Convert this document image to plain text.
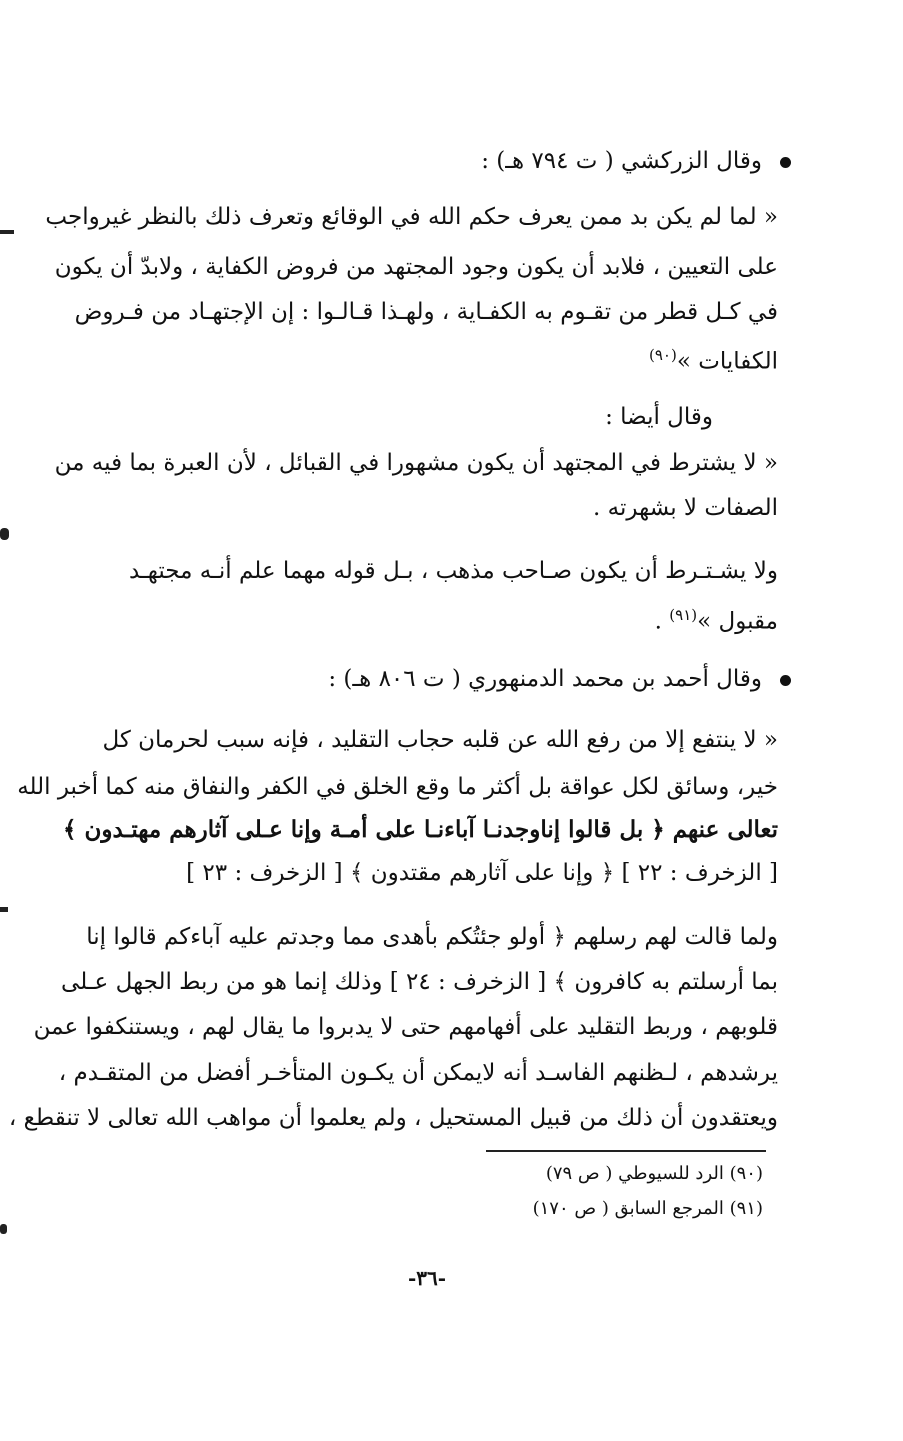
وقال الزركشي ( ت ٧٩٤ هـ) :
« لما لم يكن بد ممن يعرف حكم الله في الوقائع وتعرف ذلك بالنظر غيرواجب
على التعيين ، فلابد أن يكون وجود المجتهد من فروض الكفاية ، ولابدّ أن يكون
في كـل قطر من تقـوم به الكفـاية ، ولهـذا قـالـوا : إن الإجتهـاد من فـروض
الكفايات »$^{(٩٠)}$
وقال أيضا :
« لا يشترط في المجتهد أن يكون مشهورا في القبائل ، لأن العبرة بما فيه من
الصفات لا بشهرته .
ولا يشـتـرط أن يكون صـاحب مذهب ، بـل قوله مهما علم أنـه مجتهـد
مقبول »$^{(٩١)}$ .
وقال أحمد بن محمد الدمنهوري ( ت ٨٠٦ هـ) :
« لا ينتفع إلا من رفع الله عن قلبه حجاب التقليد ، فإنه سبب لحرمان كل
خير، وسائق لكل عواقة بل أكثر ما وقع الخلق في الكفر والنفاق منه كما أخبر الله
تعالى عنهم ﴿ بل قالوا إناوجدنـا آباءنـا على أمـة وإنا عـلى آثارهم مهتـدون ﴾
[ الزخرف : ٢٢ ] ﴿ وإنا على آثارهم مقتدون ﴾ [ الزخرف : ٢٣ ]
ولما قالت لهم رسلهم ﴿ أولو جئتُكم بأهدى مما وجدتم عليه آباءكم قالوا إنا
بما أرسلتم به كافرون ﴾ [ الزخرف : ٢٤ ] وذلك إنما هو من ربط الجهل عـلى
قلوبهم ، وربط التقليد على أفهامهم حتى لا يدبروا ما يقال لهم ، ويستنكفوا عمن
يرشدهم ، لـظنهم الفاسـد أنه لايمكن أن يكـون المتأخـر أفضل من المتقـدم ،
ويعتقدون أن ذلك من قبيل المستحيل ، ولم يعلموا أن مواهب الله تعالى لا تنقطع ،
(٩٠) الرد للسيوطي ( ص ٧٩)
(٩١) المرجع السابق ( ص ١٧٠)
-٣٦-
